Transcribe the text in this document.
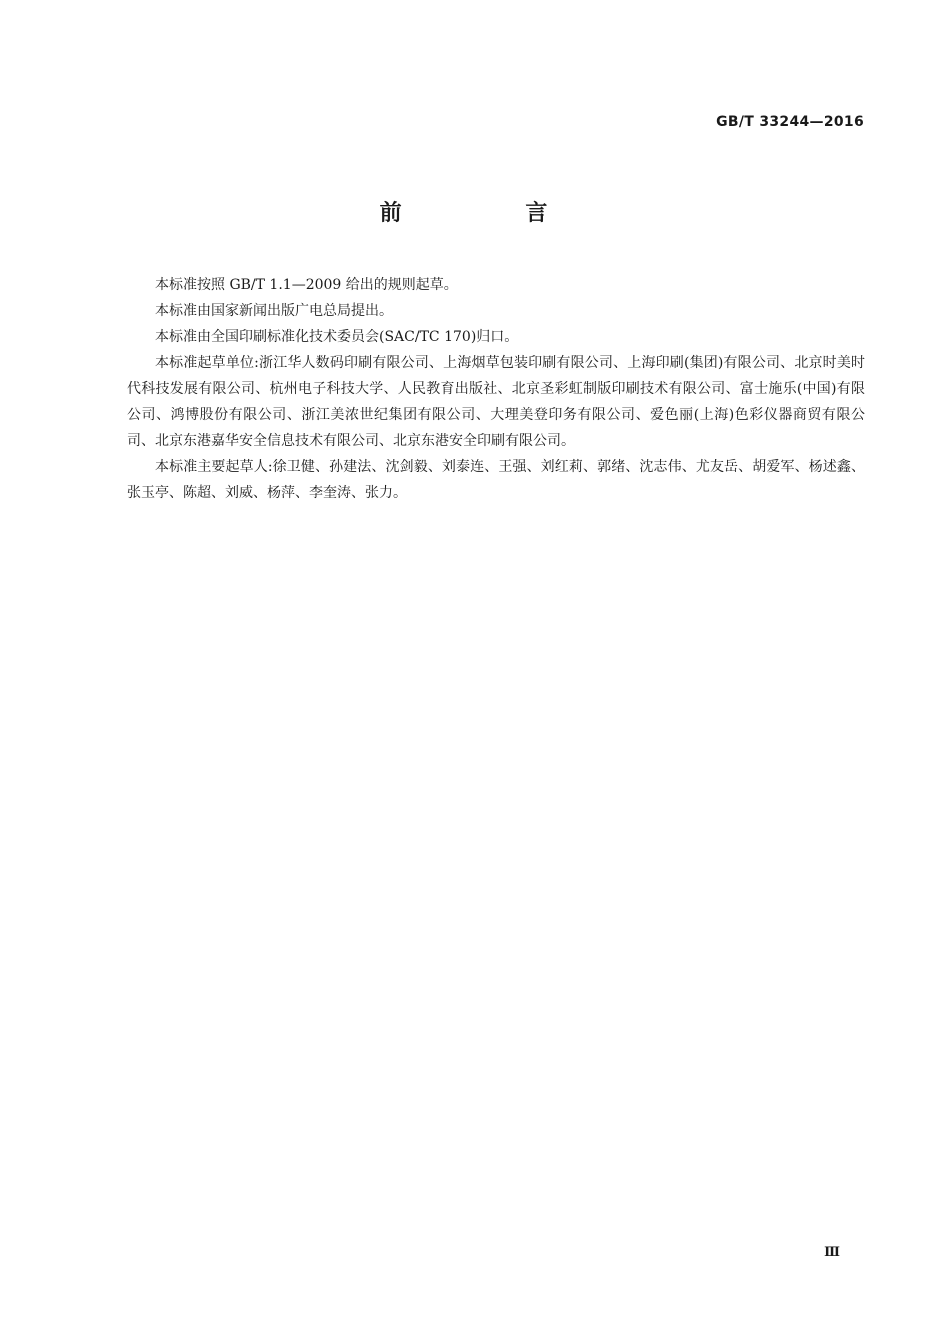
GB/T 33244—2016
前 言

本标准按照 GB/T 1.1—2009 给出的规则起草。

本标准由国家新闻出版广电总局提出。

本标准由全国印刷标准化技术委员会(SAC/TC 170)归口。

本标准起草单位:浙江华人数码印刷有限公司、上海烟草包装印刷有限公司、上海印刷(集团)有限公司、北京时美时代科技发展有限公司、杭州电子科技大学、人民教育出版社、北京圣彩虹制版印刷技术有限公司、富士施乐(中国)有限公司、鸿博股份有限公司、浙江美浓世纪集团有限公司、大理美登印务有限公司、爱色丽(上海)色彩仪器商贸有限公司、北京东港嘉华安全信息技术有限公司、北京东港安全印刷有限公司。

本标准主要起草人:徐卫健、孙建法、沈剑毅、刘泰连、王强、刘红莉、郭绪、沈志伟、尤友岳、胡爱军、杨述鑫、张玉亭、陈超、刘威、杨萍、李奎涛、张力。

Ⅲ
